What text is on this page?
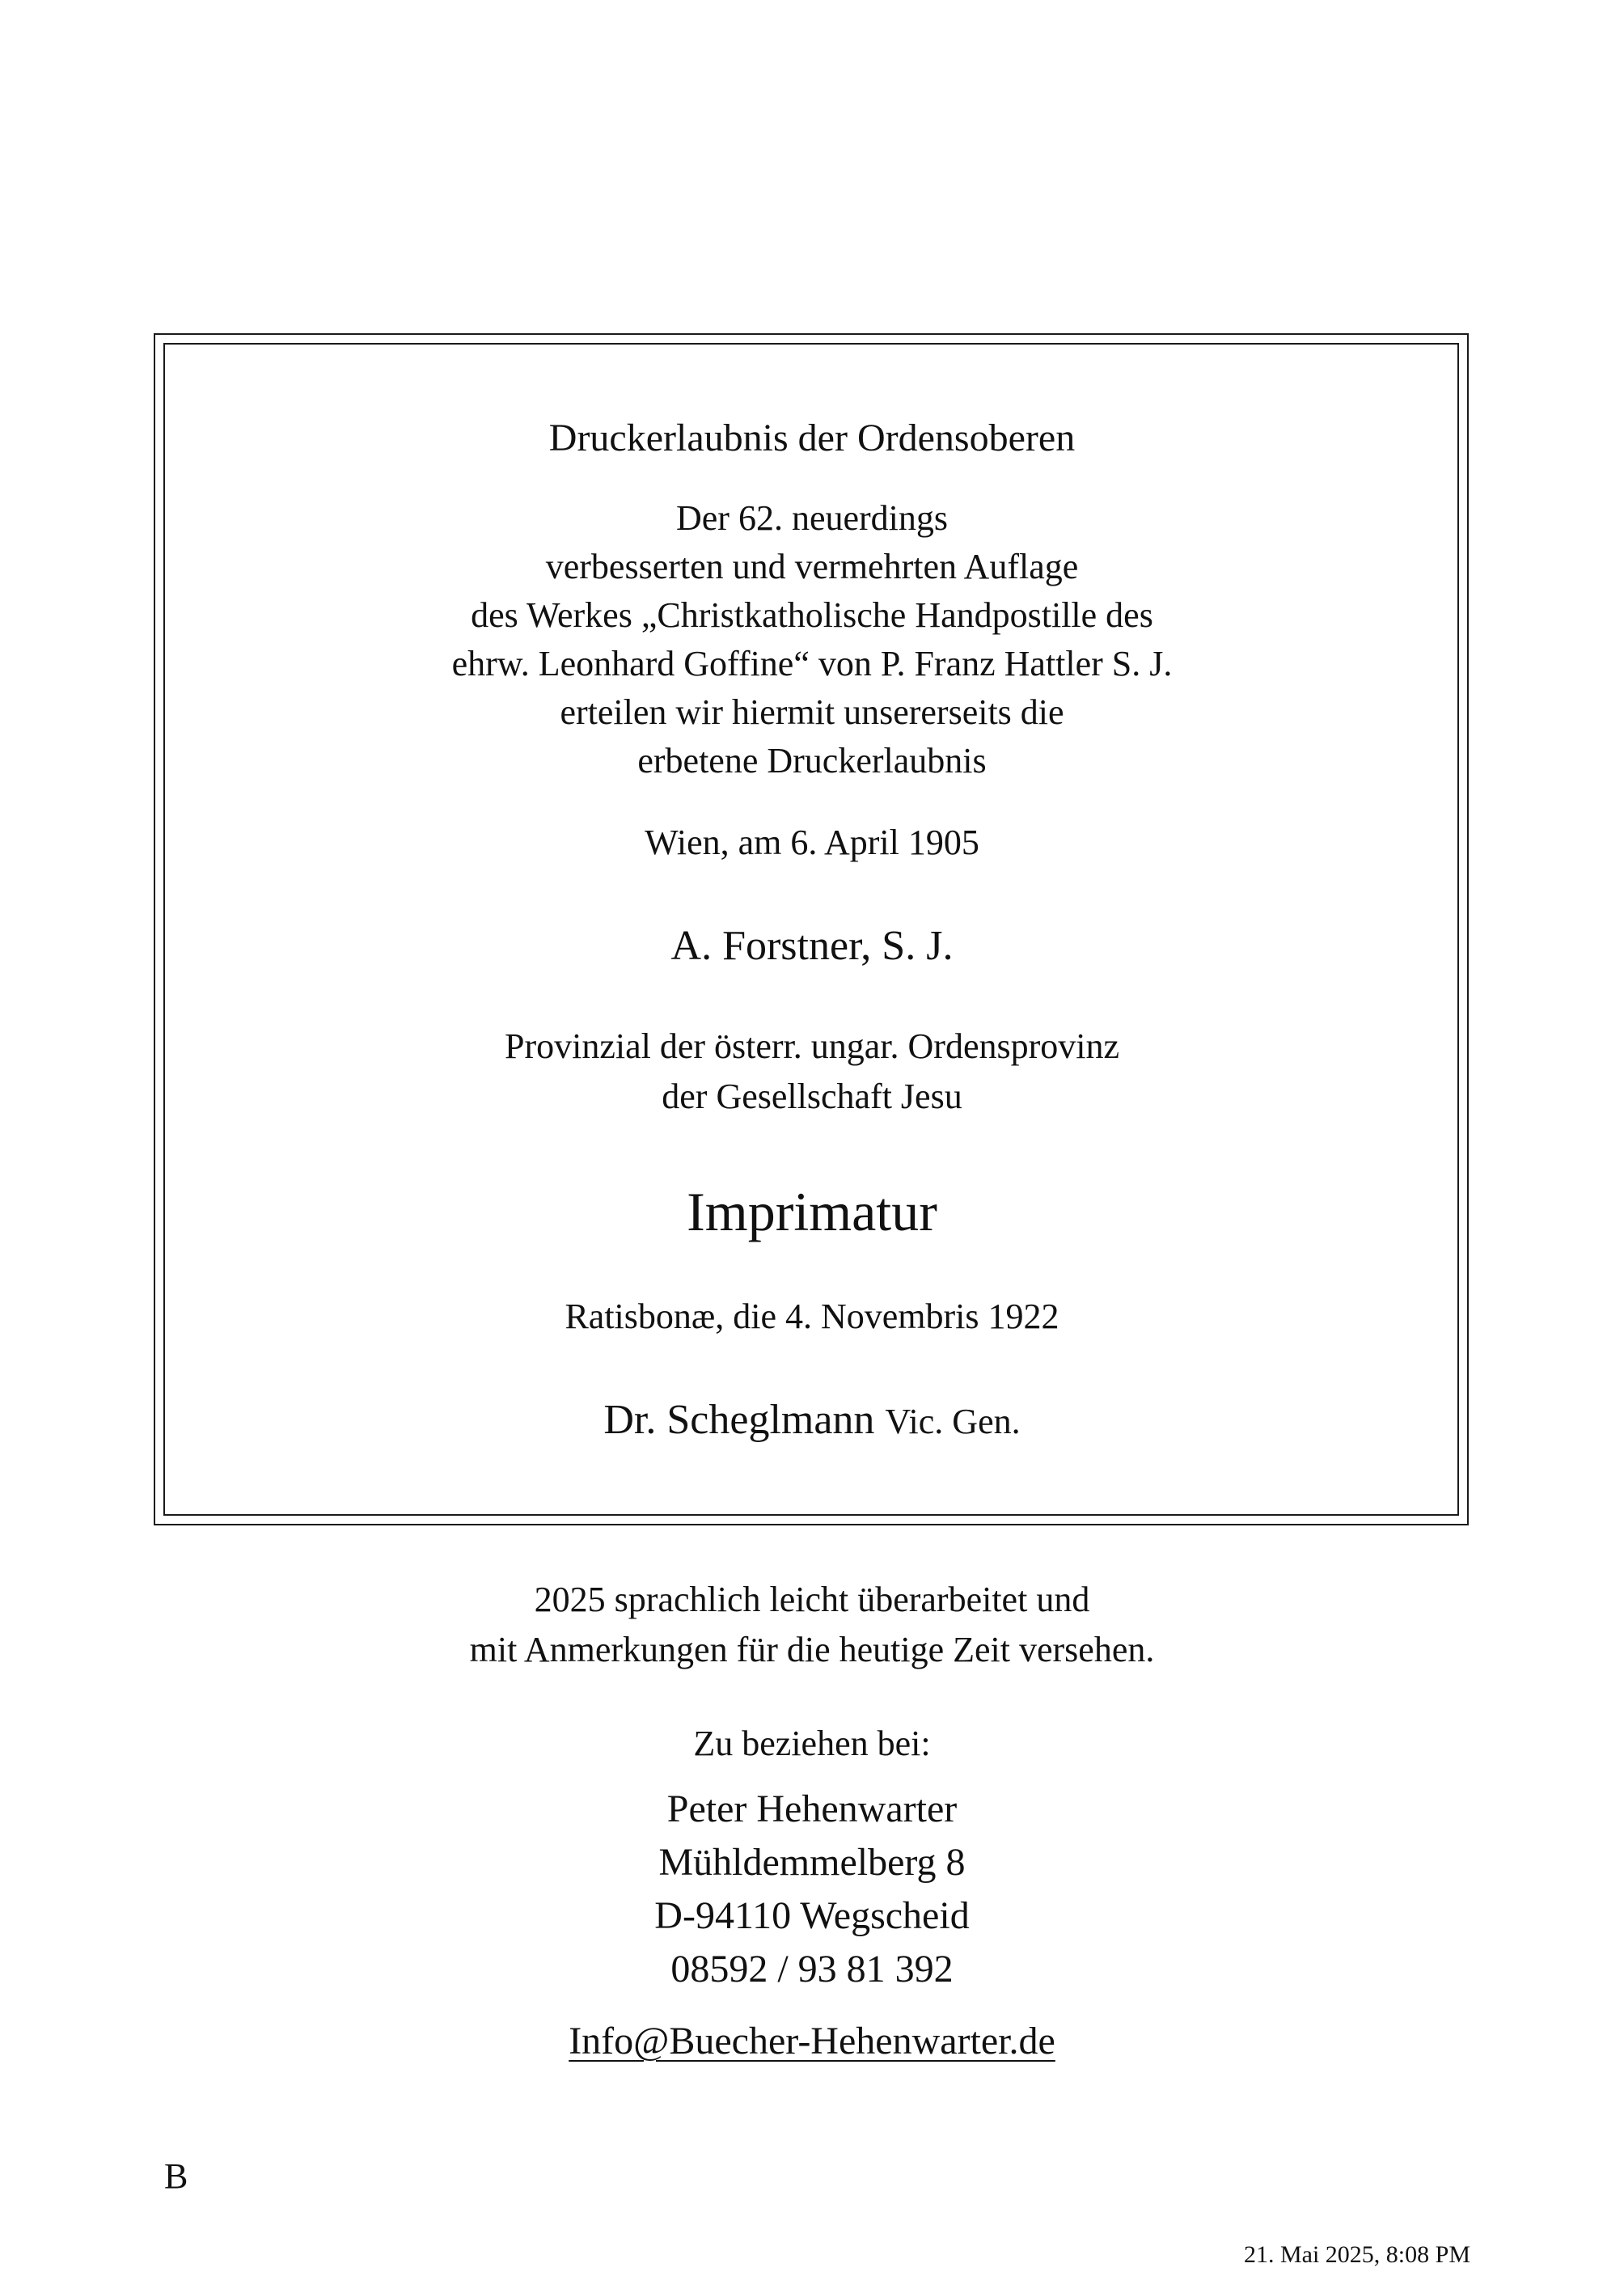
Druckerlaubnis der Ordensoberen
Der 62. neuerdings
verbesserten und vermehrten Auflage
des Werkes „Christkatholische Handpostille des
ehrw. Leonhard Goffine“ von P. Franz Hattler S. J.
erteilen wir hiermit unsererseits die
erbetene Druckerlaubnis
Wien, am 6. April 1905
A. Forstner, S. J.
Provinzial der österr. ungar. Ordensprovinz
der Gesellschaft Jesu
Imprimatur
Ratisbonæ, die 4. Novembris 1922
Dr. Scheglmann Vic. Gen.
2025 sprachlich leicht überarbeitet und
mit Anmerkungen für die heutige Zeit versehen.
Zu beziehen bei:
Peter Hehenwarter
Mühldemmelberg 8
D-94110 Wegscheid
08592 / 93 81 392
Info@Buecher-Hehenwarter.de
B
21. Mai 2025, 8:08 PM
